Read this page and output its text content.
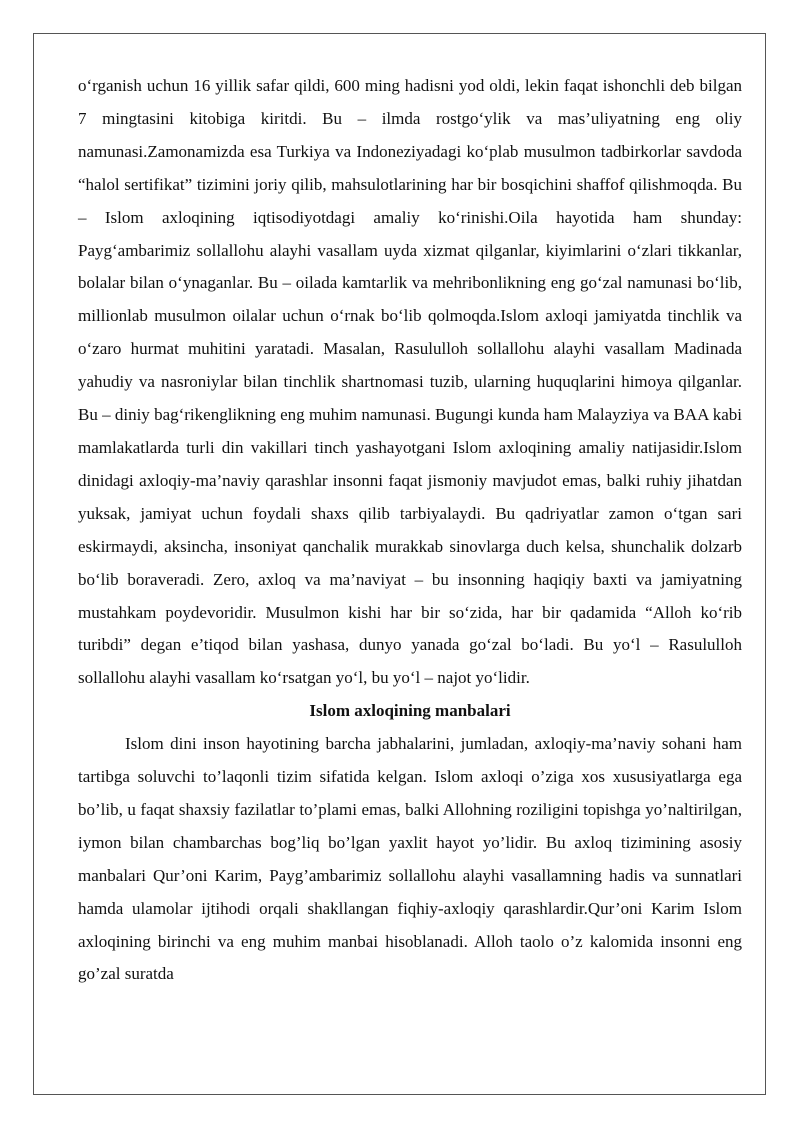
o‘rganish uchun 16 yillik safar qildi, 600 ming hadisni yod oldi, lekin faqat ishonchli deb bilgan 7 mingtasini kitobiga kiritdi. Bu – ilmda rostgo‘ylik va mas’uliyatning eng oliy namunasi.Zamonamizda esa Turkiya va Indoneziyadagi ko‘plab musulmon tadbirkorlar savdoda “halol sertifikat” tizimini joriy qilib, mahsulotlarining har bir bosqichini shaffof qilishmoqda. Bu – Islom axloqining iqtisodiyotdagi amaliy ko‘rinishi.Oila hayotida ham shunday: Payg‘ambarimiz sollallohu alayhi vasallam uyda xizmat qilganlar, kiyimlarini o‘zlari tikkanlar, bolalar bilan o‘ynaganlar. Bu – oilada kamtarlik va mehribonlikning eng go‘zal namunasi bo‘lib, millionlab musulmon oilalar uchun o‘rnak bo‘lib qolmoqda.Islom axloqi jamiyatda tinchlik va o‘zaro hurmat muhitini yaratadi. Masalan, Rasululloh sollallohu alayhi vasallam Madinada yahudiy va nasroniylar bilan tinchlik shartnomasi tuzib, ularning huquqlarini himoya qilganlar. Bu – diniy bag‘rikenglikning eng muhim namunasi. Bugungi kunda ham Malayziya va BAA kabi mamlakatlarda turli din vakillari tinch yashayotgani Islom axloqining amaliy natijasidir.Islom dinidagi axloqiy-ma’naviy qarashlar insonni faqat jismoniy mavjudot emas, balki ruhiy jihatdan yuksak, jamiyat uchun foydali shaxs qilib tarbiyalaydi. Bu qadriyatlar zamon o‘tgan sari eskirmaydi, aksincha, insoniyat qanchalik murakkab sinovlarga duch kelsa, shunchalik dolzarb bo‘lib boraveradi. Zero, axloq va ma’naviyat – bu insonning haqiqiy baxti va jamiyatning mustahkam poydevoridir. Musulmon kishi har bir so‘zida, har bir qadamida “Alloh ko‘rib turibdi” degan e’tiqod bilan yashasa, dunyo yanada go‘zal bo‘ladi. Bu yo‘l – Rasululloh sollallohu alayhi vasallam ko‘rsatgan yo‘l, bu yo‘l – najot yo‘lidir.

Islom axloqining manbalari

Islom dini inson hayotining barcha jabhalarini, jumladan, axloqiy-ma’naviy sohani ham tartibga soluvchi to’laqonli tizim sifatida kelgan. Islom axloqi o’ziga xos xususiyatlarga ega bo’lib, u faqat shaxsiy fazilatlar to’plami emas, balki Allohning roziligini topishga yo’naltirilgan, iymon bilan chambarchas bog’liq bo’lgan yaxlit hayot yo’lidir. Bu axloq tizimining asosiy manbalari Qur’oni Karim, Payg’ambarimiz sollallohu alayhi vasallamning hadis va sunnatlari hamda ulamolar ijtihodi orqali shakllangan fiqhiy-axloqiy qarashlardir.Qur’oni Karim Islom axloqining birinchi va eng muhim manbai hisoblanadi. Alloh taolo o’z kalomida insonni eng go’zal suratda
